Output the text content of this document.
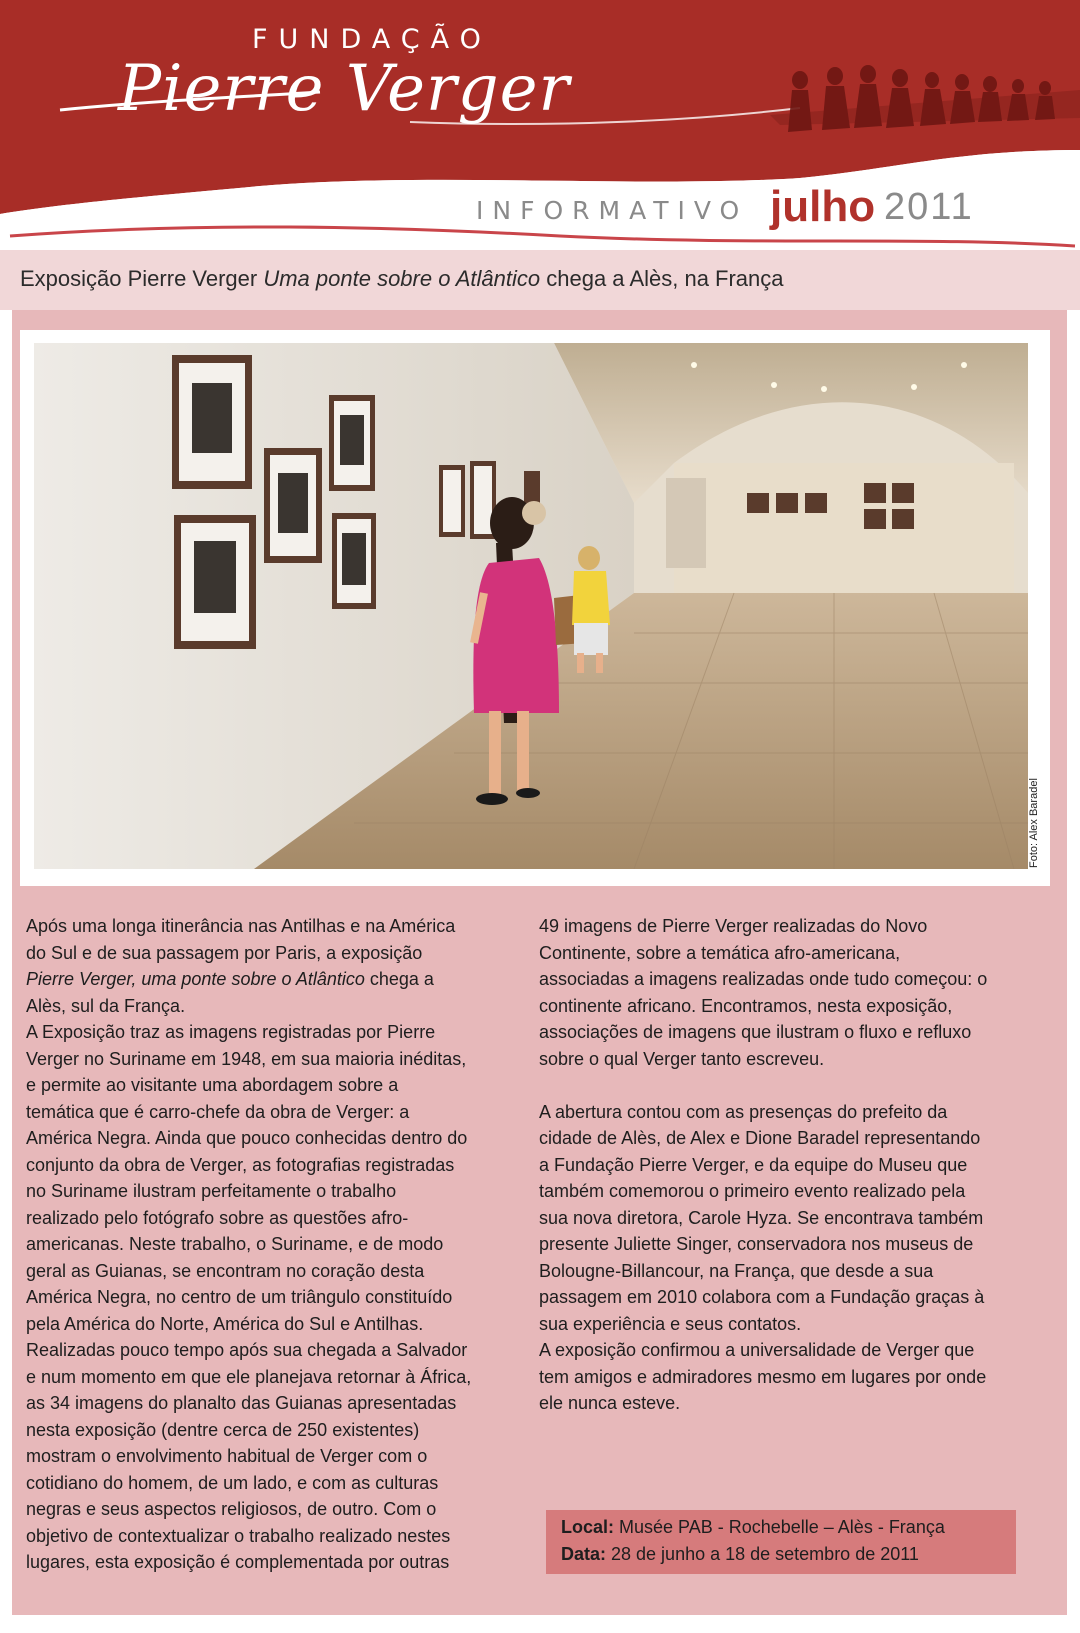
FUNDAÇÃO
Pierre Verger
INFORMATIVO julho 2011
Exposição Pierre Verger Uma ponte sobre o Atlântico chega a Alès, na França
Foto: Alex Baradel

Após uma longa itinerância nas Antilhas e na América

do Sul e de sua passagem por Paris, a exposição

Pierre Verger, uma ponte sobre o Atlântico chega a

Alès, sul da França.

A Exposição traz as imagens registradas por Pierre

Verger no Suriname em 1948, em sua maioria inéditas,

e permite ao visitante uma abordagem sobre a

temática que é carro-chefe da obra de Verger: a

América Negra. Ainda que pouco conhecidas dentro do

conjunto da obra de Verger, as fotografias registradas

no Suriname ilustram perfeitamente o trabalho

realizado pelo fotógrafo sobre as questões afro-

americanas. Neste trabalho, o Suriname, e de modo

geral as Guianas, se encontram no coração desta

América Negra, no centro de um triângulo constituído

pela América do Norte, América do Sul e Antilhas.

Realizadas pouco tempo após sua chegada a Salvador

e num momento em que ele planejava retornar à África,

as 34 imagens do planalto das Guianas apresentadas

nesta exposição (dentre cerca de 250 existentes)

mostram o envolvimento habitual de Verger com o

cotidiano do homem, de um lado, e com as culturas

negras e seus aspectos religiosos, de outro. Com o

objetivo de contextualizar o trabalho realizado nestes

lugares, esta exposição é complementada por outras

49 imagens de Pierre Verger realizadas do Novo

Continente, sobre a temática afro-americana,

associadas a imagens realizadas onde tudo começou: o

continente africano. Encontramos, nesta exposição,

associações de imagens que ilustram o fluxo e refluxo

sobre o qual Verger tanto escreveu.

A abertura contou com as presenças do prefeito da

cidade de Alès, de Alex e Dione Baradel representando

a Fundação Pierre Verger, e da equipe do Museu que

também comemorou o primeiro evento realizado pela

sua nova diretora, Carole Hyza. Se encontrava também

presente Juliette Singer, conservadora nos museus de

Bolougne-Billancour, na França, que desde a sua

passagem em 2010 colabora com a Fundação graças à

sua experiência e seus contatos.

A exposição confirmou a universalidade de Verger que

tem amigos e admiradores mesmo em lugares por onde

ele nunca esteve.

Local: Musée PAB - Rochebelle – Alès - França
Data: 28 de junho a 18 de setembro de 2011
